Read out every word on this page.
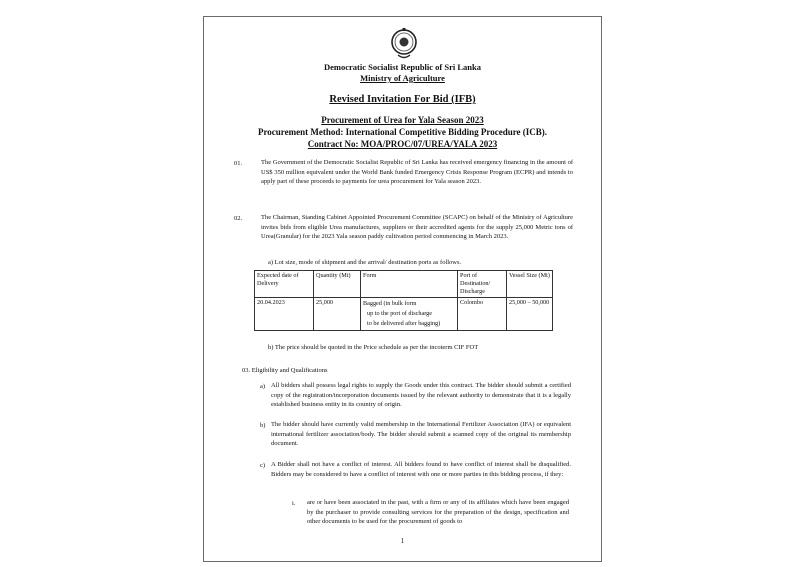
Democratic Socialist Republic of Sri Lanka
Ministry of Agriculture
Revised Invitation For Bid (IFB)
Procurement of Urea for Yala Season 2023
Procurement Method: International Competitive Bidding Procedure (ICB).
Contract No: MOA/PROC/07/UREA/YALA 2023
01.	The Government of the Democratic Socialist Republic of Sri Lanka has received emergency financing in the amount of US$ 350 million equivalent under the World Bank funded Emergency Crisis Response Program (ECPR) and intends to apply part of these proceeds to payments for urea procurement for Yala season 2023.
02.	The Chairman, Standing Cabinet Appointed Procurement Committee (SCAPC) on behalf of the Ministry of Agriculture invites bids from eligible Urea manufactures, suppliers or their accredited agents for the supply 25,000 Metric tons of Urea(Granular) for the 2023 Yala season paddy cultivation period commencing in March 2023.
a) Lot size, mode of shipment and the arrival/ destination ports as follows.
Expected date of Delivery	Quantity (Mt)	Form	Port of Destination/ Discharge	Vessel Size (Mt)
20.04.2023	25,000	Bagged (in bulk form
up to the port of discharge
to be delivered after bagging)	Colombo	25,000 – 50,000
b) The price should be quoted in the Price schedule as per the incoterm CIF FOT
03. Eligibility and Qualifications
a) All bidders shall possess legal rights to supply the Goods under this contract. The bidder should submit a certified copy of the registration/incorporation documents issued by the relevant authority to demonstrate that it is a legally established business entity in its country of origin.
b) The bidder should have currently valid membership in the International Fertilizer Association (IFA) or equivalent international fertilizer association/body. The bidder should submit a scanned copy of the original its membership document.
c) A Bidder shall not have a conflict of interest. All bidders found to have conflict of interest shall be disqualified. Bidders may be considered to have a conflict of interest with one or more parties in this bidding process, if they:
i. are or have been associated in the past, with a firm or any of its affiliates which have been engaged by the purchaser to provide consulting services for the preparation of the design, specification and other documents to be used for the procurement of goods to
1
